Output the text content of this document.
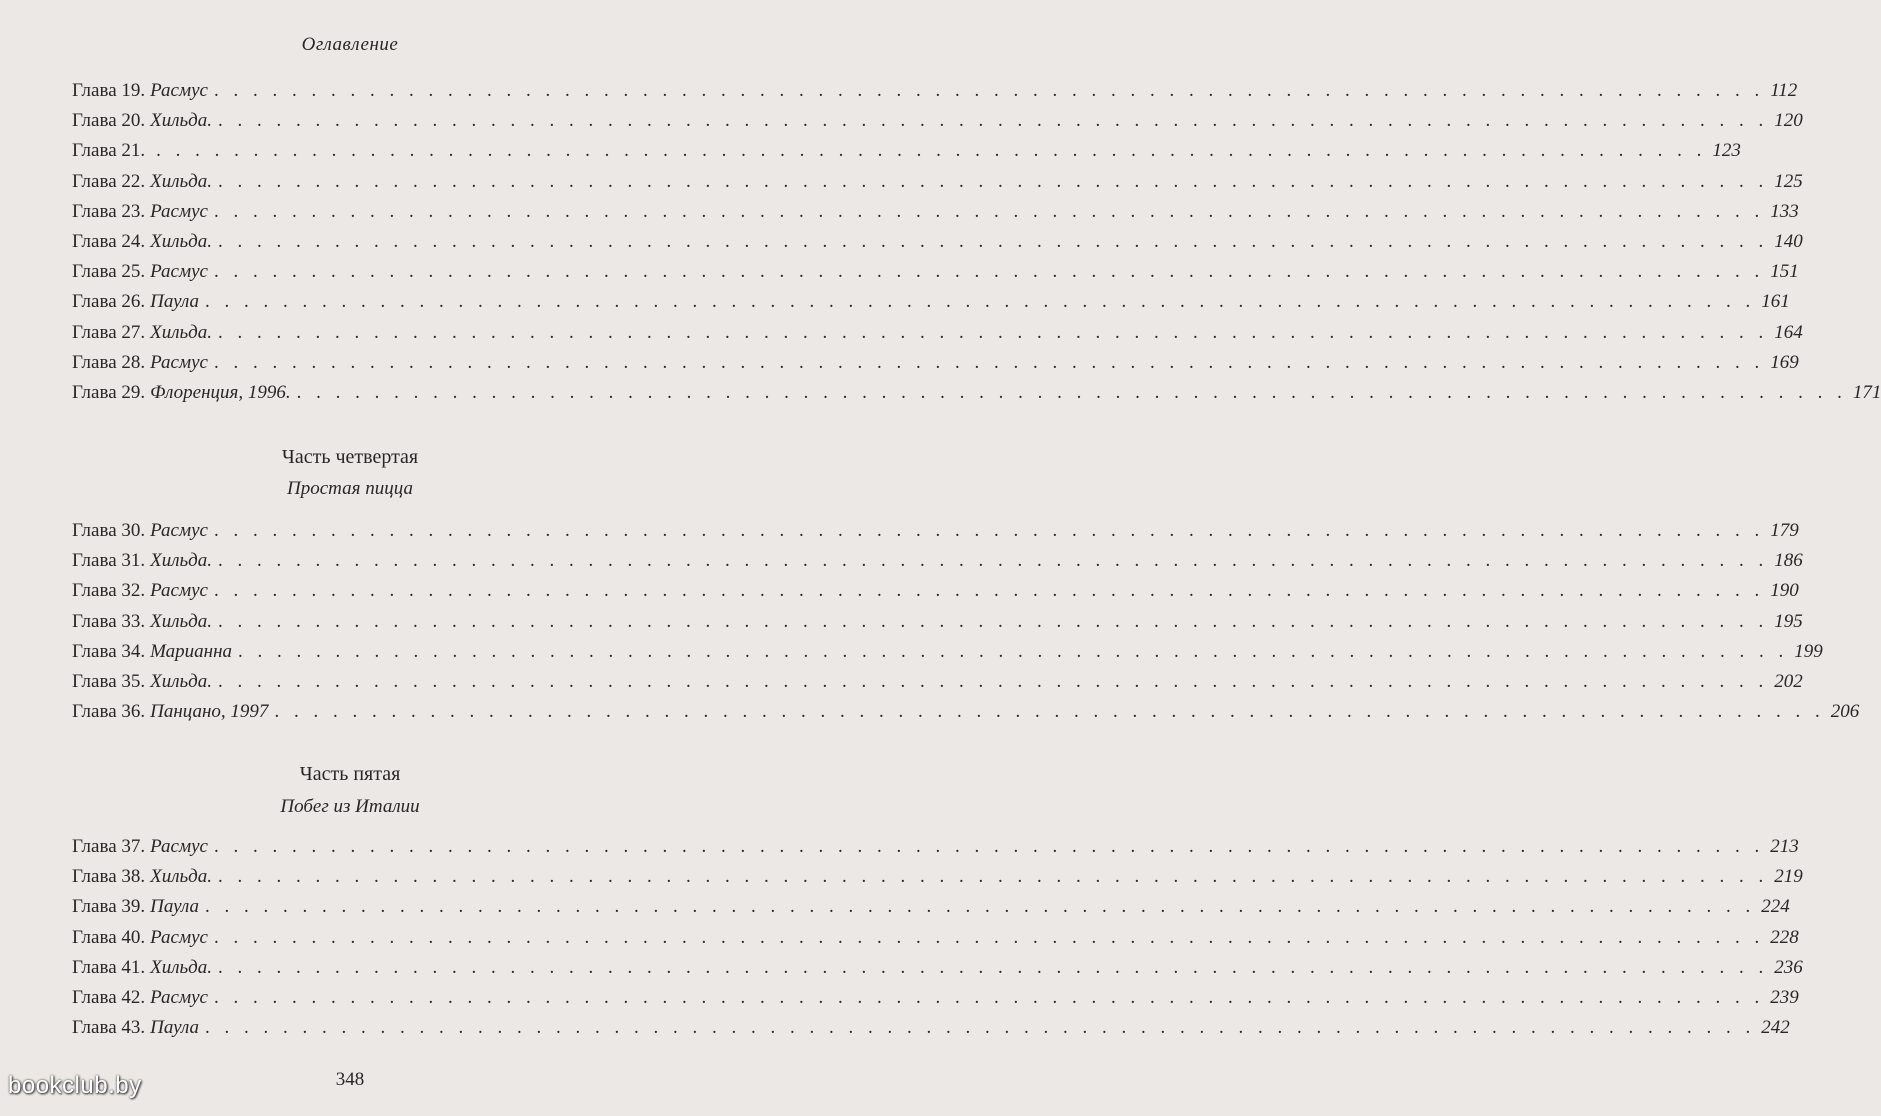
Оглавление
Глава 19. Расмус . . . . . . . . . . . . . . . . . . . . . . . . . . . . . . . . . . . . . . . . . . . . . . . . . . . . . . . . . . . . . . . . . . . . . . . . . . . . . . . . 112
Глава 20. Хильда. . . . . . . . . . . . . . . . . . . . . . . . . . . . . . . . . . . . . . . . . . . . . . . . . . . . . . . . . . . . . . . . . . . . . . . . . . . . . . . . . 120
Глава 21. . . . . . . . . . . . . . . . . . . . . . . . . . . . . . . . . . . . . . . . . . . . . . . . . . . . . . . . . . . . . . . . . . . . . . . . . . . . . . . . . 123
Глава 22. Хильда. . . . . . . . . . . . . . . . . . . . . . . . . . . . . . . . . . . . . . . . . . . . . . . . . . . . . . . . . . . . . . . . . . . . . . . . . . . . . . . . . 125
Глава 23. Расмус . . . . . . . . . . . . . . . . . . . . . . . . . . . . . . . . . . . . . . . . . . . . . . . . . . . . . . . . . . . . . . . . . . . . . . . . . . . . . . . . 133
Глава 24. Хильда. . . . . . . . . . . . . . . . . . . . . . . . . . . . . . . . . . . . . . . . . . . . . . . . . . . . . . . . . . . . . . . . . . . . . . . . . . . . . . . . . 140
Глава 25. Расмус . . . . . . . . . . . . . . . . . . . . . . . . . . . . . . . . . . . . . . . . . . . . . . . . . . . . . . . . . . . . . . . . . . . . . . . . . . . . . . . . 151
Глава 26. Паула . . . . . . . . . . . . . . . . . . . . . . . . . . . . . . . . . . . . . . . . . . . . . . . . . . . . . . . . . . . . . . . . . . . . . . . . . . . . . . . . 161
Глава 27. Хильда. . . . . . . . . . . . . . . . . . . . . . . . . . . . . . . . . . . . . . . . . . . . . . . . . . . . . . . . . . . . . . . . . . . . . . . . . . . . . . . . . 164
Глава 28. Расмус . . . . . . . . . . . . . . . . . . . . . . . . . . . . . . . . . . . . . . . . . . . . . . . . . . . . . . . . . . . . . . . . . . . . . . . . . . . . . . . . 169
Глава 29. Флоренция, 1996. . . . . . . . . . . . . . . . . . . . . . . . . . . . . . . . . . . . . . . . . . . . . . . . . . . . . . . . . . . . . . . . . . . . . . . . . . . . . . . . . 171
Глава 30. Расмус . . . . . . . . . . . . . . . . . . . . . . . . . . . . . . . . . . . . . . . . . . . . . . . . . . . . . . . . . . . . . . . . . . . . . . . . . . . . . . . . 179
Глава 31. Хильда. . . . . . . . . . . . . . . . . . . . . . . . . . . . . . . . . . . . . . . . . . . . . . . . . . . . . . . . . . . . . . . . . . . . . . . . . . . . . . . . . 186
Глава 32. Расмус . . . . . . . . . . . . . . . . . . . . . . . . . . . . . . . . . . . . . . . . . . . . . . . . . . . . . . . . . . . . . . . . . . . . . . . . . . . . . . . . 190
Глава 33. Хильда. . . . . . . . . . . . . . . . . . . . . . . . . . . . . . . . . . . . . . . . . . . . . . . . . . . . . . . . . . . . . . . . . . . . . . . . . . . . . . . . . 195
Глава 34. Марианна . . . . . . . . . . . . . . . . . . . . . . . . . . . . . . . . . . . . . . . . . . . . . . . . . . . . . . . . . . . . . . . . . . . . . . . . . . . . . . . . 199
Глава 35. Хильда. . . . . . . . . . . . . . . . . . . . . . . . . . . . . . . . . . . . . . . . . . . . . . . . . . . . . . . . . . . . . . . . . . . . . . . . . . . . . . . . . 202
Глава 36. Панцано, 1997 . . . . . . . . . . . . . . . . . . . . . . . . . . . . . . . . . . . . . . . . . . . . . . . . . . . . . . . . . . . . . . . . . . . . . . . . . . . . . . . . 206
Глава 37. Расмус . . . . . . . . . . . . . . . . . . . . . . . . . . . . . . . . . . . . . . . . . . . . . . . . . . . . . . . . . . . . . . . . . . . . . . . . . . . . . . . . 213
Глава 38. Хильда. . . . . . . . . . . . . . . . . . . . . . . . . . . . . . . . . . . . . . . . . . . . . . . . . . . . . . . . . . . . . . . . . . . . . . . . . . . . . . . . . 219
Глава 39. Паула . . . . . . . . . . . . . . . . . . . . . . . . . . . . . . . . . . . . . . . . . . . . . . . . . . . . . . . . . . . . . . . . . . . . . . . . . . . . . . . . 224
Глава 40. Расмус . . . . . . . . . . . . . . . . . . . . . . . . . . . . . . . . . . . . . . . . . . . . . . . . . . . . . . . . . . . . . . . . . . . . . . . . . . . . . . . . 228
Глава 41. Хильда. . . . . . . . . . . . . . . . . . . . . . . . . . . . . . . . . . . . . . . . . . . . . . . . . . . . . . . . . . . . . . . . . . . . . . . . . . . . . . . . . 236
Глава 42. Расмус . . . . . . . . . . . . . . . . . . . . . . . . . . . . . . . . . . . . . . . . . . . . . . . . . . . . . . . . . . . . . . . . . . . . . . . . . . . . . . . . 239
Глава 43. Паула . . . . . . . . . . . . . . . . . . . . . . . . . . . . . . . . . . . . . . . . . . . . . . . . . . . . . . . . . . . . . . . . . . . . . . . . . . . . . . . . 242
Часть четвертая
Простая пицца
Часть пятая
Побег из Италии
348
bookclub.by
